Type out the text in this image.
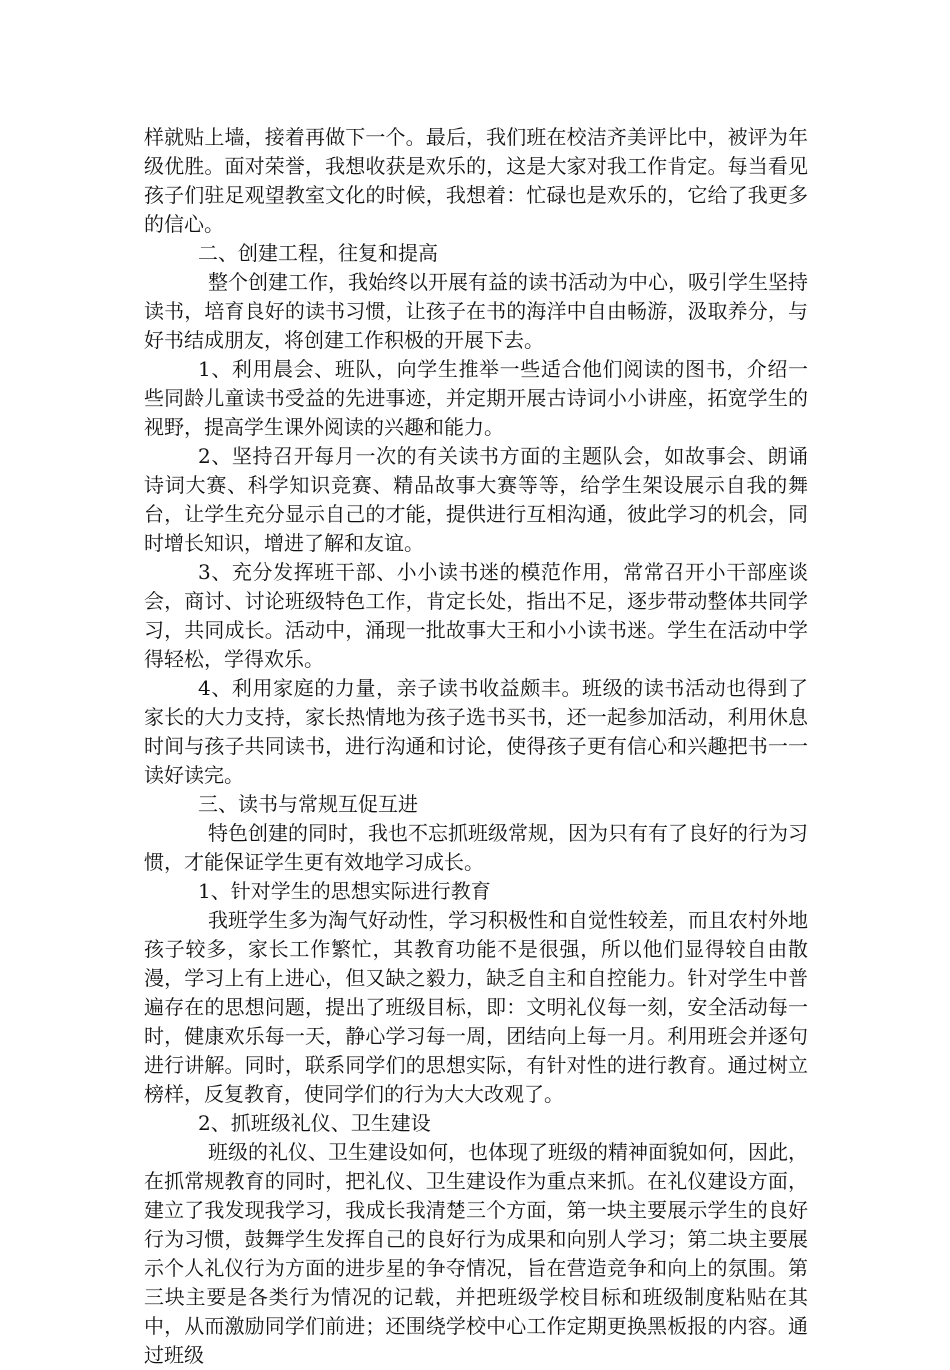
样就贴上墙，接着再做下一个。最后，我们班在校洁齐美评比中，被评为年级优胜。面对荣誉，我想收获是欢乐的，这是大家对我工作肯定。每当看见孩子们驻足观望教室文化的时候，我想着：忙碌也是欢乐的，它给了我更多的信心。

二、创建工程，往复和提高

整个创建工作，我始终以开展有益的读书活动为中心，吸引学生坚持读书，培育良好的读书习惯，让孩子在书的海洋中自由畅游，汲取养分，与好书结成朋友，将创建工作积极的开展下去。

1、利用晨会、班队，向学生推举一些适合他们阅读的图书，介绍一些同龄儿童读书受益的先进事迹，并定期开展古诗词小小讲座，拓宽学生的视野，提高学生课外阅读的兴趣和能力。

2、坚持召开每月一次的有关读书方面的主题队会，如故事会、朗诵诗词大赛、科学知识竞赛、精品故事大赛等等，给学生架设展示自我的舞台，让学生充分显示自己的才能，提供进行互相沟通，彼此学习的机会，同时增长知识，增进了解和友谊。

3、充分发挥班干部、小小读书迷的模范作用，常常召开小干部座谈会，商讨、讨论班级特色工作，肯定长处，指出不足，逐步带动整体共同学习，共同成长。活动中，涌现一批故事大王和小小读书迷。学生在活动中学得轻松，学得欢乐。

4、利用家庭的力量，亲子读书收益颇丰。班级的读书活动也得到了家长的大力支持，家长热情地为孩子选书买书，还一起参加活动，利用休息时间与孩子共同读书，进行沟通和讨论，使得孩子更有信心和兴趣把书一一读好读完。

三、读书与常规互促互进

特色创建的同时，我也不忘抓班级常规，因为只有有了良好的行为习惯，才能保证学生更有效地学习成长。

1、针对学生的思想实际进行教育

我班学生多为淘气好动性，学习积极性和自觉性较差，而且农村外地孩子较多，家长工作繁忙，其教育功能不是很强，所以他们显得较自由散漫，学习上有上进心，但又缺之毅力，缺乏自主和自控能力。针对学生中普遍存在的思想问题，提出了班级目标，即：文明礼仪每一刻，安全活动每一时，健康欢乐每一天，静心学习每一周，团结向上每一月。利用班会并逐句进行讲解。同时，联系同学们的思想实际，有针对性的进行教育。通过树立榜样，反复教育，使同学们的行为大大改观了。

2、抓班级礼仪、卫生建设

班级的礼仪、卫生建设如何，也体现了班级的精神面貌如何，因此，在抓常规教育的同时，把礼仪、卫生建设作为重点来抓。在礼仪建设方面，建立了我发现我学习，我成长我清楚三个方面，第一块主要展示学生的良好行为习惯，鼓舞学生发挥自己的良好行为成果和向别人学习；第二块主要展示个人礼仪行为方面的进步星的争夺情况，旨在营造竞争和向上的氛围。第三块主要是各类行为情况的记载，并把班级学校目标和班级制度粘贴在其中，从而激励同学们前进；还围绕学校中心工作定期更换黑板报的内容。通过班级
